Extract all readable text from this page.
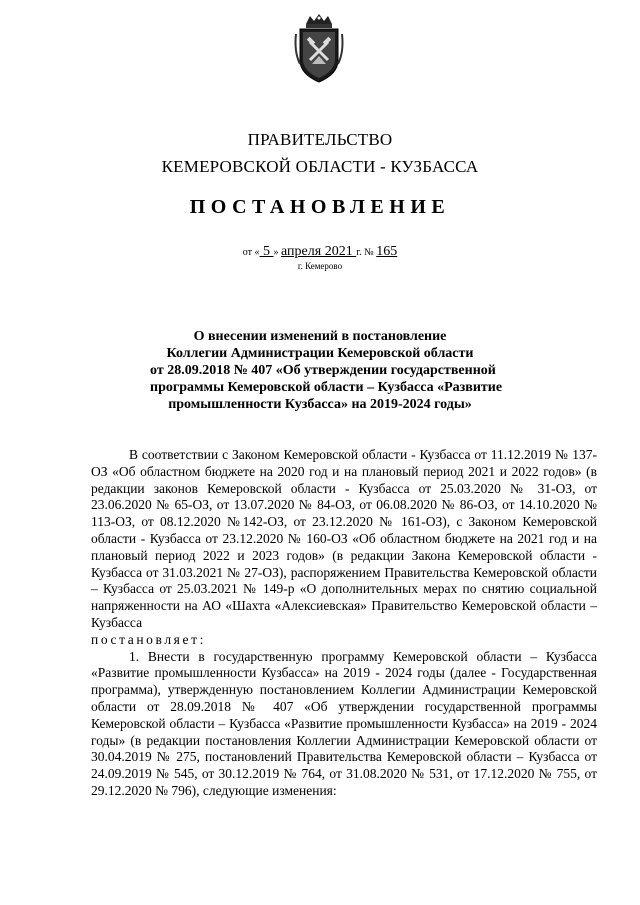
ПРАВИТЕЛЬСТВО
КЕМЕРОВСКОЙ ОБЛАСТИ - КУЗБАССА
ПОСТАНОВЛЕНИЕ
от « 5 » апреля 2021 г. № 165
г. Кемерово
О внесении изменений в постановление
Коллегии Администрации Кемеровской области
от 28.09.2018 № 407 «Об утверждении государственной
программы Кемеровской области – Кузбасса «Развитие
промышленности Кузбасса» на 2019-2024 годы»

В соответствии с Законом Кемеровской области - Кузбасса от 11.12.2019 № 137-ОЗ «Об областном бюджете на 2020 год и на плановый период 2021 и 2022 годов» (в редакции законов Кемеровской области - Кузбасса от 25.03.2020 № 31-ОЗ, от 23.06.2020 № 65-ОЗ, от 13.07.2020 № 84-ОЗ, от 06.08.2020 № 86-ОЗ, от 14.10.2020 № 113-ОЗ, от 08.12.2020 №142-ОЗ, от 23.12.2020 № 161-ОЗ), с Законом Кемеровской области - Кузбасса от 23.12.2020 № 160-ОЗ «Об областном бюджете на 2021 год и на плановый период 2022 и 2023 годов» (в редакции Закона Кемеровской области - Кузбасса от 31.03.2021 № 27-ОЗ), распоряжением Правительства Кемеровской области – Кузбасса от 25.03.2021 № 149-р «О дополнительных мерах по снятию социальной напряженности на АО «Шахта «Алексиевская» Правительство Кемеровской области – Кузбасса

постановляет:

1. Внести в государственную программу Кемеровской области – Кузбасса «Развитие промышленности Кузбасса» на 2019 - 2024 годы (далее - Государственная программа), утвержденную постановлением Коллегии Администрации Кемеровской области от 28.09.2018 № 407 «Об утверждении государственной программы Кемеровской области – Кузбасса «Развитие промышленности Кузбасса» на 2019 - 2024 годы» (в редакции постановления Коллегии Администрации Кемеровской области от 30.04.2019 № 275, постановлений Правительства Кемеровской области – Кузбасса от 24.09.2019 № 545, от 30.12.2019 № 764, от 31.08.2020 № 531, от 17.12.2020 № 755, от 29.12.2020 № 796), следующие изменения:
